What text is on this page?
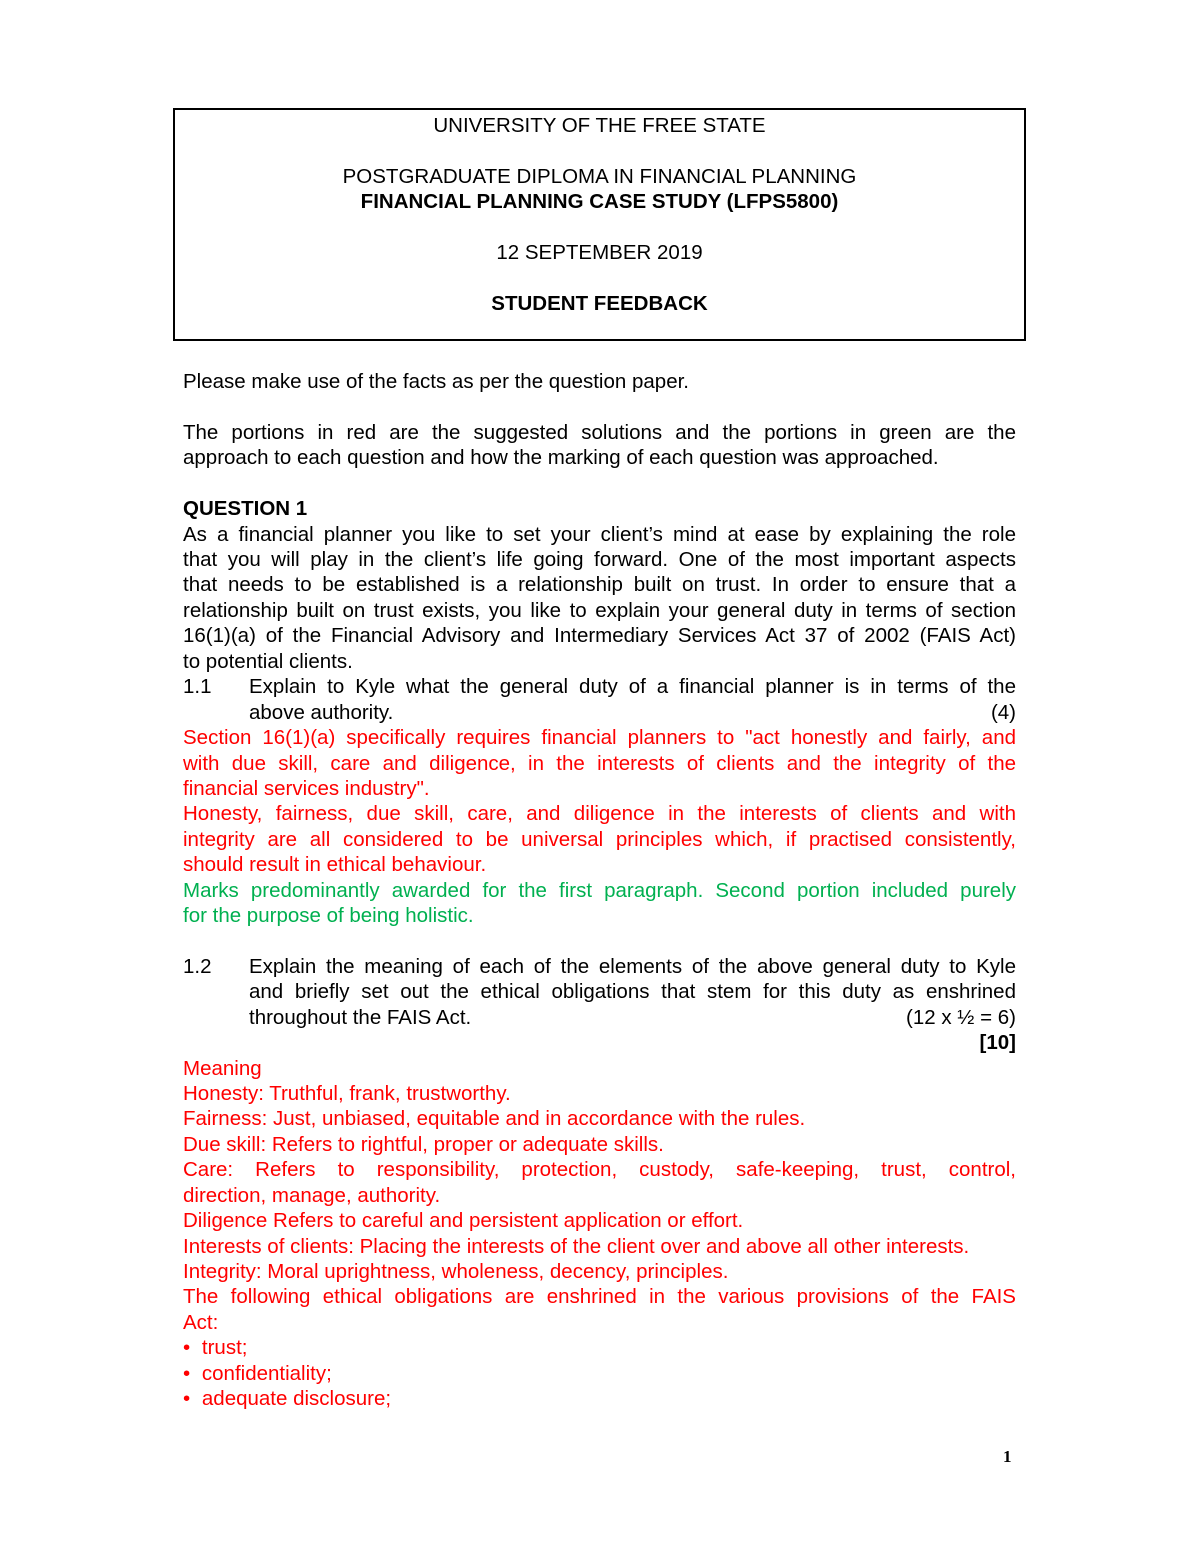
UNIVERSITY OF THE FREE STATE
POSTGRADUATE DIPLOMA IN FINANCIAL PLANNING
FINANCIAL PLANNING CASE STUDY (LFPS5800)
12 SEPTEMBER 2019
STUDENT FEEDBACK
Please make use of the facts as per the question paper.
The portions in red are the suggested solutions and the portions in green are the
approach to each question and how the marking of each question was approached.
QUESTION 1
As a financial planner you like to set your client’s mind at ease by explaining the role
that you will play in the client’s life going forward. One of the most important aspects
that needs to be established is a relationship built on trust. In order to ensure that a
relationship built on trust exists, you like to explain your general duty in terms of section
16(1)(a) of the Financial Advisory and Intermediary Services Act 37 of 2002 (FAIS Act)
to potential clients.
1.1 Explain to Kyle what the general duty of a financial planner is in terms of the
above authority.	(4)
Section 16(1)(a) specifically requires financial planners to "act honestly and fairly, and
with due skill, care and diligence, in the interests of clients and the integrity of the
financial services industry".
Honesty, fairness, due skill, care, and diligence in the interests of clients and with
integrity are all considered to be universal principles which, if practised consistently,
should result in ethical behaviour.
Marks predominantly awarded for the first paragraph. Second portion included purely
for the purpose of being holistic.
1.2 Explain the meaning of each of the elements of the above general duty to Kyle
and briefly set out the ethical obligations that stem for this duty as enshrined
throughout the FAIS Act.	(12 x ½ = 6)
[10]
Meaning
Honesty: Truthful, frank, trustworthy.
Fairness: Just, unbiased, equitable and in accordance with the rules.
Due skill: Refers to rightful, proper or adequate skills.
Care: Refers to responsibility, protection, custody, safe-keeping, trust, control,
direction, manage, authority.
Diligence Refers to careful and persistent application or effort.
Interests of clients: Placing the interests of the client over and above all other interests.
Integrity: Moral uprightness, wholeness, decency, principles.
The following ethical obligations are enshrined in the various provisions of the FAIS
Act:
• trust;
• confidentiality;
• adequate disclosure;
1
